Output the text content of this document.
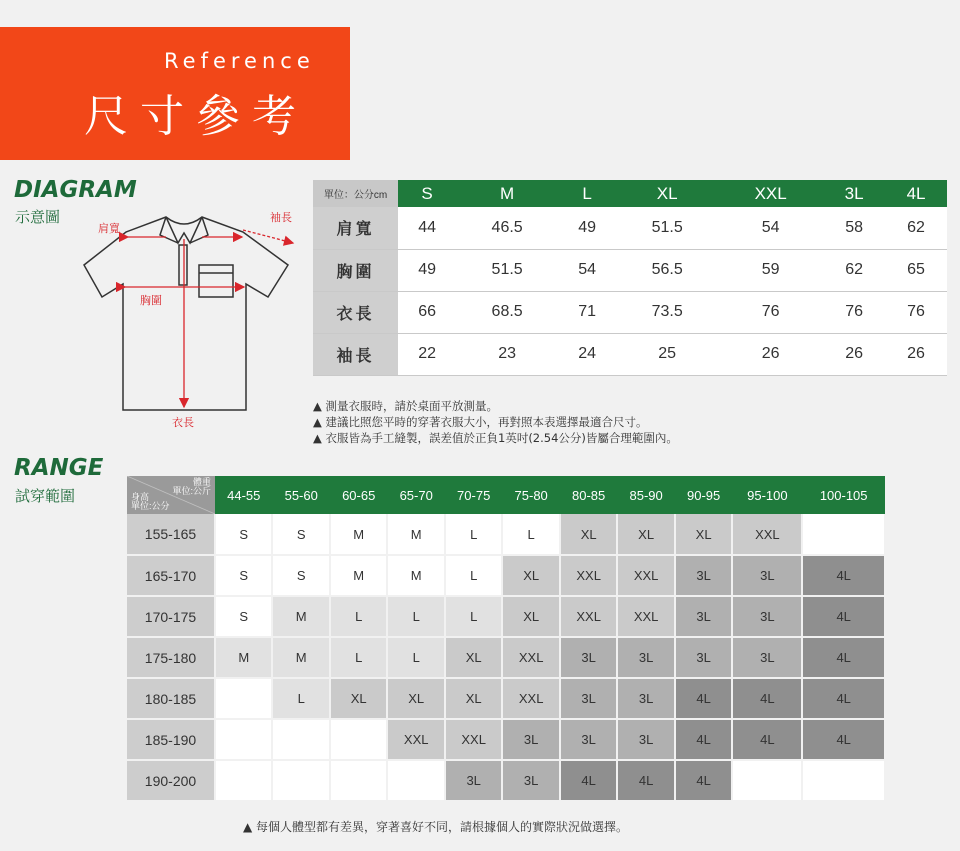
Reference
尺寸參考
DIAGRAM
示意圖
肩寬
袖長
胸圍
衣長
單位：公分cm	S	M	L	XL	XXL	3L	4L
肩寬	44	46.5	49	51.5	54	58	62
胸圍	49	51.5	54	56.5	59	62	65
衣長	66	68.5	71	73.5	76	76	76
袖長	22	23	24	25	26	26	26
▲ 測量衣服時，請於桌面平放測量。
▲ 建議比照您平時的穿著衣服大小，再對照本表選擇最適合尺寸。
▲ 衣服皆為手工縫製，誤差值於正負1英吋(2.54公分)皆屬合理範圍內。
RANGE
試穿範圍
體重
單位:公斤
身高
單位:公分	44-55	55-60	60-65	65-70	70-75	75-80	80-85	85-90	90-95	95-100	100-105
155-165	S	S	M	M	L	L	XL	XL	XL	XXL	
165-170	S	S	M	M	L	XL	XXL	XXL	3L	3L	4L
170-175	S	M	L	L	L	XL	XXL	XXL	3L	3L	4L
175-180	M	M	L	L	XL	XXL	3L	3L	3L	3L	4L
180-185		L	XL	XL	XL	XXL	3L	3L	4L	4L	4L
185-190				XXL	XXL	3L	3L	3L	4L	4L	4L
190-200					3L	3L	4L	4L	4L		
▲ 每個人體型都有差異，穿著喜好不同，請根據個人的實際狀況做選擇。
